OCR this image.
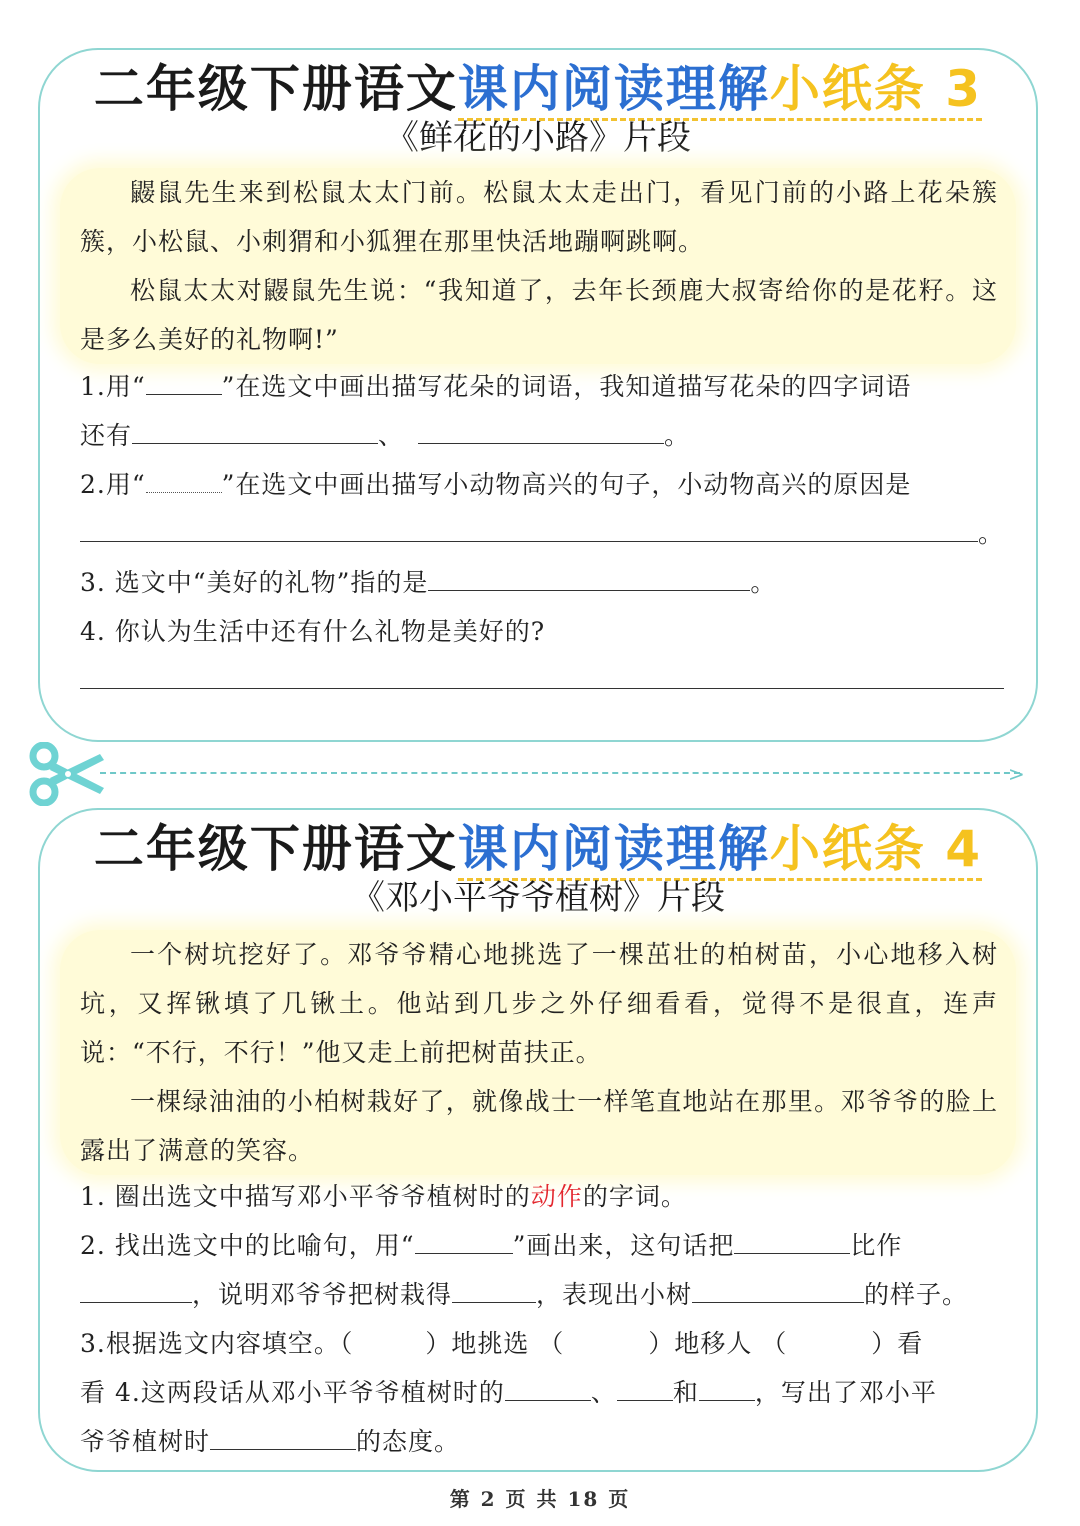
二年级下册语文课内阅读理解小纸条 3
《鲜花的小路》片段

鼹鼠先生来到松鼠太太门前。松鼠太太走出门，看见门前的小路上花朵簇簇，小松鼠、小刺猬和小狐狸在那里快活地蹦啊跳啊。

松鼠太太对鼹鼠先生说：“我知道了，去年长颈鹿大叔寄给你的是花籽。这是多么美好的礼物啊!”

1.用“	”在选文中画出描写花朵的词语，我知道描写花朵的四字词语
还有	、	。
2.用“	”在选文中画出描写小动物高兴的句子，小动物高兴的原因是
。
3. 选文中“美好的礼物”指的是	。
4. 你认为生活中还有什么礼物是美好的?
>
二年级下册语文课内阅读理解小纸条 4
《邓小平爷爷植树》片段

一个树坑挖好了。邓爷爷精心地挑选了一棵茁壮的柏树苗，小心地移入树坑，又挥锹填了几锹土。他站到几步之外仔细看看，觉得不是很直，连声说：“不行，不行！”他又走上前把树苗扶正。

一棵绿油油的小柏树栽好了，就像战士一样笔直地站在那里。邓爷爷的脸上露出了满意的笑容。

1. 圈出选文中描写邓小平爷爷植树时的动作的字词。
2. 找出选文中的比喻句，用“	”画出来，这句话把	比作
，说明邓爷爷把树栽得	，表现出小树	的样子。
3.根据选文内容填空。（	）地挑选 （	）地移人 （	）看
看 4.这两段话从邓小平爷爷植树时的	、 和 ，写出了邓小平
爷爷植树时	的态度。
第 2 页 共 18 页
